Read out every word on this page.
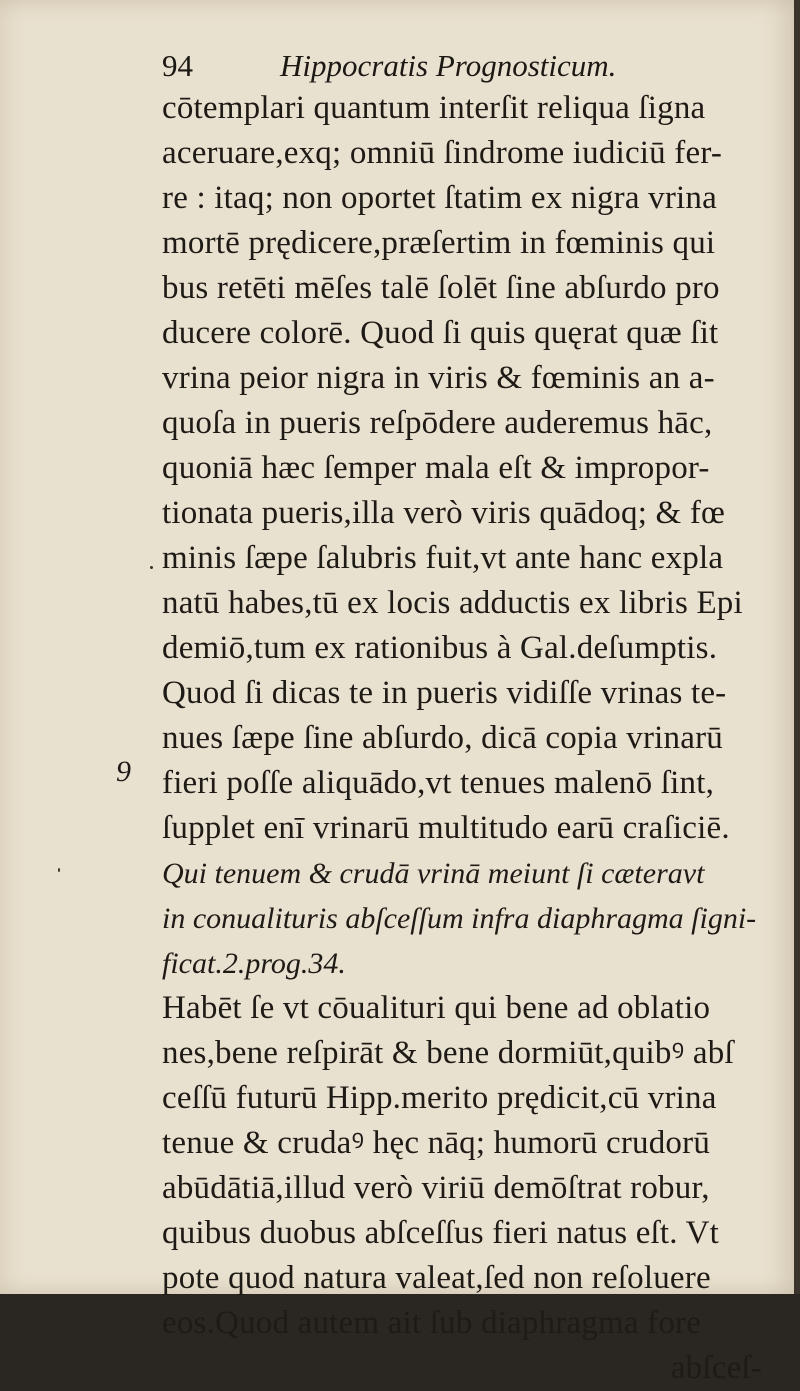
94	Hippocratis Prognosticum.
9
cōtemplari quantum interſit reliqua ſigna
aceruare,exq; omniū ſindrome iudiciū fer-
re : itaq; non oportet ſtatim ex nigra vrina
mortē prędicere,præſertim in fœminis qui
bus retēti mēſes talē ſolēt ſine abſurdo pro
ducere colorē. Quod ſi quis quęrat quæ ſit
vrina peior nigra in viris & fœminis an a-
quoſa in pueris reſpōdere auderemus hāc,
quoniā hæc ſemper mala eſt & impropor-
tionata pueris,illa verò viris quādoq; & fœ
minis ſæpe ſalubris fuit,vt ante hanc expla
natū habes,tū ex locis adductis ex libris Epi
demiō,tum ex rationibus à Gal.deſumptis.
Quod ſi dicas te in pueris vidiſſe vrinas te-
nues ſæpe ſine abſurdo, dicā copia vrinarū
fieri poſſe aliquādo,vt tenues malenō ſint,
ſupplet enī vrinarū multitudo earū craſiciē.
Qui tenuem & crudā vrinā meiunt ſi cæteravt
in conualituris abſceſſum infra diaphragma ſigni-
ficat.2.prog.34.
Habēt ſe vt cōualituri qui bene ad oblatio
nes,bene reſpirāt & bene dormiūt,quibꝰ abſ
ceſſū futurū Hipp.merito prędicit,cū vrina
tenue & crudaꝰ hęc nāq; humorū crudorū
abūdātiā,illud verò viriū demōſtrat robur,
quibus duobus abſceſſus fieri natus eſt. Vt
pote quod natura valeat,ſed non reſoluere
eos.Quod autem ait ſub diaphragma fore
abſceſ-
